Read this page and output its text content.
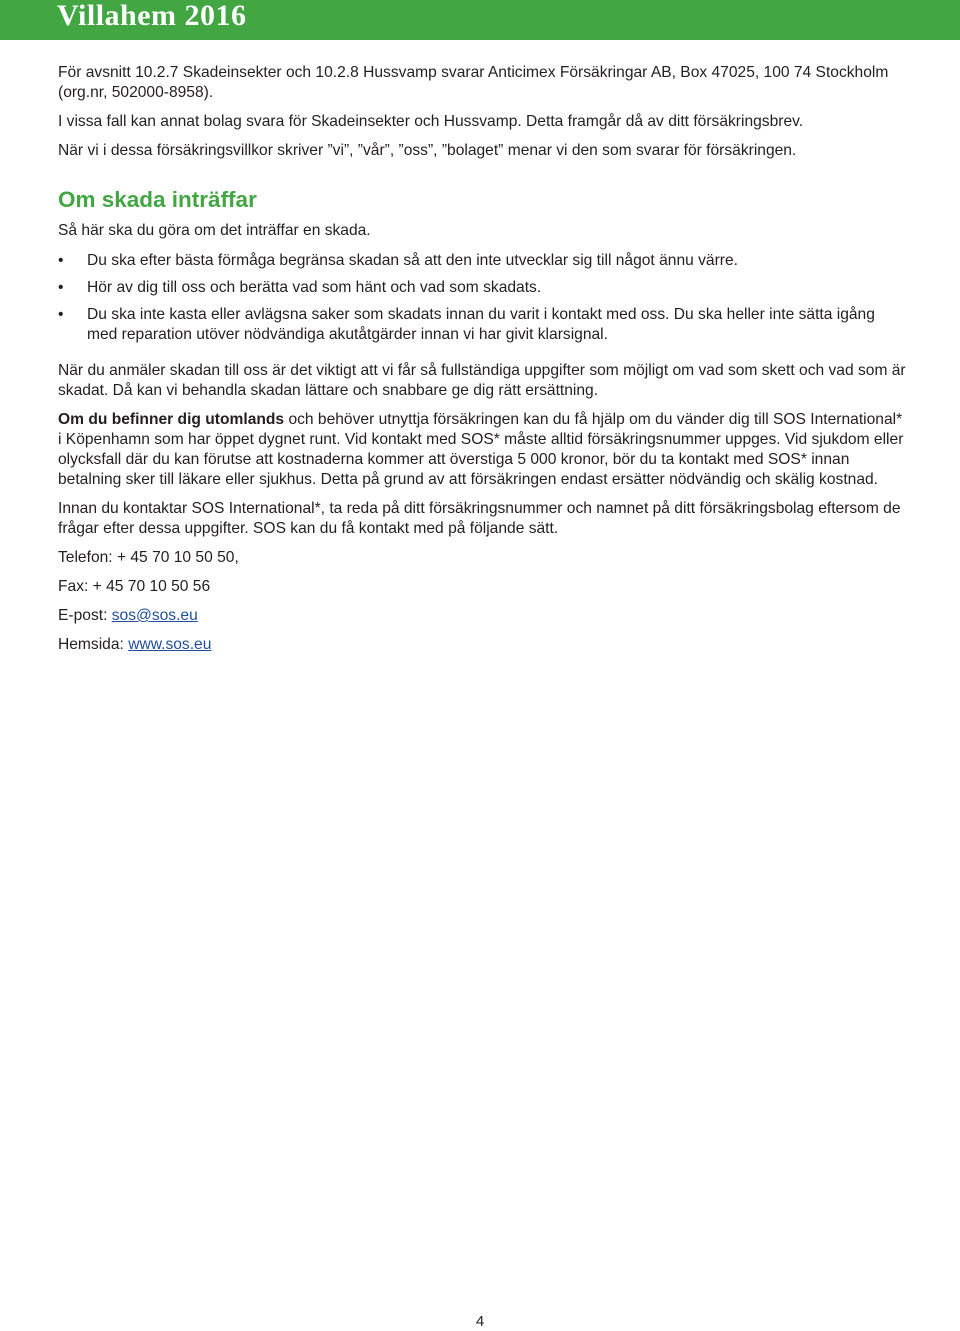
Villahem 2016

För avsnitt 10.2.7 Skadeinsekter och 10.2.8 Hussvamp svarar Anticimex Försäkringar AB, Box 47025, 100 74 Stockholm (org.nr, 502000-8958).

I vissa fall kan annat bolag svara för Skadeinsekter och Hussvamp. Detta framgår då av ditt försäkringsbrev.

När vi i dessa försäkringsvillkor skriver ”vi”, ”vår”, ”oss”, ”bolaget” menar vi den som svarar för försäkringen.

Om skada inträffar

Så här ska du göra om det inträffar en skada.

•	Du ska efter bästa förmåga begränsa skadan så att den inte utvecklar sig till något ännu värre.
•	Hör av dig till oss och berätta vad som hänt och vad som skadats.
•	Du ska inte kasta eller avlägsna saker som skadats innan du varit i kontakt med oss. Du ska heller inte sätta igång med reparation utöver nödvändiga akutåtgärder innan vi har givit klarsignal.

När du anmäler skadan till oss är det viktigt att vi får så fullständiga uppgifter som möjligt om vad som skett och vad som är skadat. Då kan vi behandla skadan lättare och snabbare ge dig rätt ersättning.

Om du befinner dig utomlands och behöver utnyttja försäkringen kan du få hjälp om du vänder dig till SOS International* i Köpenhamn som har öppet dygnet runt. Vid kontakt med SOS* måste alltid försäkringsnummer uppges. Vid sjukdom eller olycksfall där du kan förutse att kostnaderna kommer att överstiga 5 000 kronor, bör du ta kontakt med SOS* innan betalning sker till läkare eller sjukhus. Detta på grund av att försäkringen endast ersätter nödvändig och skälig kostnad.

Innan du kontaktar SOS International*, ta reda på ditt försäkringsnummer och namnet på ditt försäkringsbolag eftersom de frågar efter dessa uppgifter. SOS kan du få kontakt med på följande sätt.

Telefon: + 45 70 10 50 50,

Fax: + 45 70 10 50 56

E-post: sos@sos.eu

Hemsida: www.sos.eu

4
